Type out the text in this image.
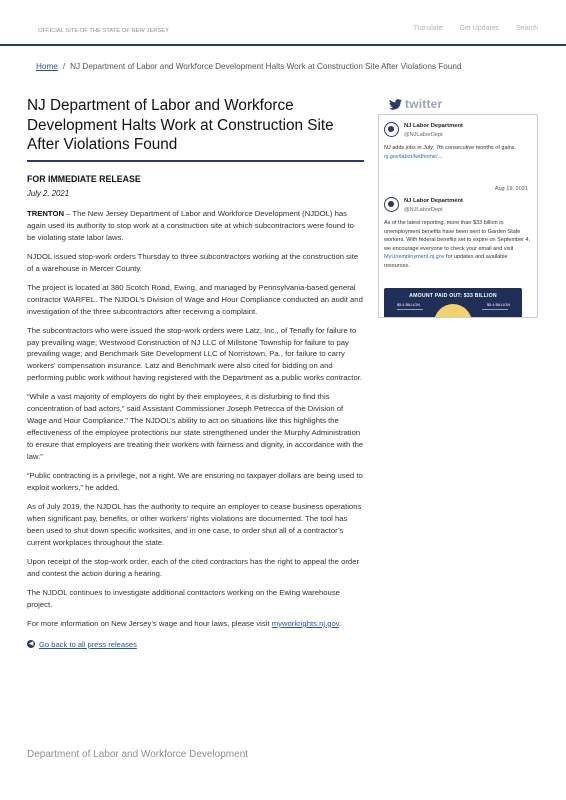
OFFICIAL SITE OF THE STATE OF NEW JERSEY	Translate Get Updates Search
Home / NJ Department of Labor and Workforce Development Halts Work at Construction Site After Violations Found
NJ Department of Labor and Workforce Development Halts Work at Construction Site After Violations Found
FOR IMMEDIATE RELEASE
July 2, 2021

TRENTON – The New Jersey Department of Labor and Workforce Development (NJDOL) has again used its authority to stop work at a construction site at which subcontractors were found to be violating state labor laws.

NJDOL issued stop-work orders Thursday to three subcontractors working at the construction site of a warehouse in Mercer County.

The project is located at 380 Scotch Road, Ewing, and managed by Pennsylvania-based general contractor WARFEL. The NJDOL’s Division of Wage and Hour Compliance conducted an audit and investigation of the three subcontractors after receiving a complaint.

The subcontractors who were issued the stop-work orders were Latz, Inc., of Tenafly for failure to pay prevailing wage; Westwood Construction of NJ LLC of Millstone Township for failure to pay prevailing wage; and Benchmark Site Development LLC of Norristown, Pa., for failure to carry workers’ compensation insurance. Latz and Benchmark were also cited for bidding on and performing public work without having registered with the Department as a public works contractor.

“While a vast majority of employers do right by their employees, it is disturbing to find this concentration of bad actors,” said Assistant Commissioner Joseph Petrecca of the Division of Wage and Hour Compliance.” The NJDOL’s ability to act on situations like this highlights the effectiveness of the employee protections our state strengthened under the Murphy Administration to ensure that employers are treating their workers with fairness and dignity, in accordance with the law.”

“Public contracting is a privilege, not a right. We are ensuring no taxpayer dollars are being used to exploit workers,” he added.

As of July 2019, the NJDOL has the authority to require an employer to cease business operations when significant pay, benefits, or other workers’ rights violations are documented. The tool has been used to shut down specific worksites, and in one case, to order shut all of a contractor’s current workplaces throughout the state.

Upon receipt of the stop-work order, each of the cited contractors has the right to appeal the order and contest the action during a hearing.

The NJDOL continues to investigate additional contractors working on the Ewing warehouse project.

For more information on New Jersey’s wage and hour laws, please visit myworkrights.nj.gov.

◀ Go back to all press releases
twitter
NJ Labor Department
@NJLaborDept
NJ adds jobs in July; 7th consecutive months of gains. nj.gov/labor/lwdhome/…
Aug 19, 2021
NJ Labor Department
@NJLaborDept
As of the latest reporting, more than $33 billion in unemployment benefits have been sent to Garden State workers. With federal benefits set to expire on September 4, we encourage everyone to check your email and visit MyUnemployment.nj.gov for updates and available resources.
AMOUNT PAID OUT: $33 BILLION
$5.4 BILLION	$5.4 BILLION
Department of Labor and Workforce Development
